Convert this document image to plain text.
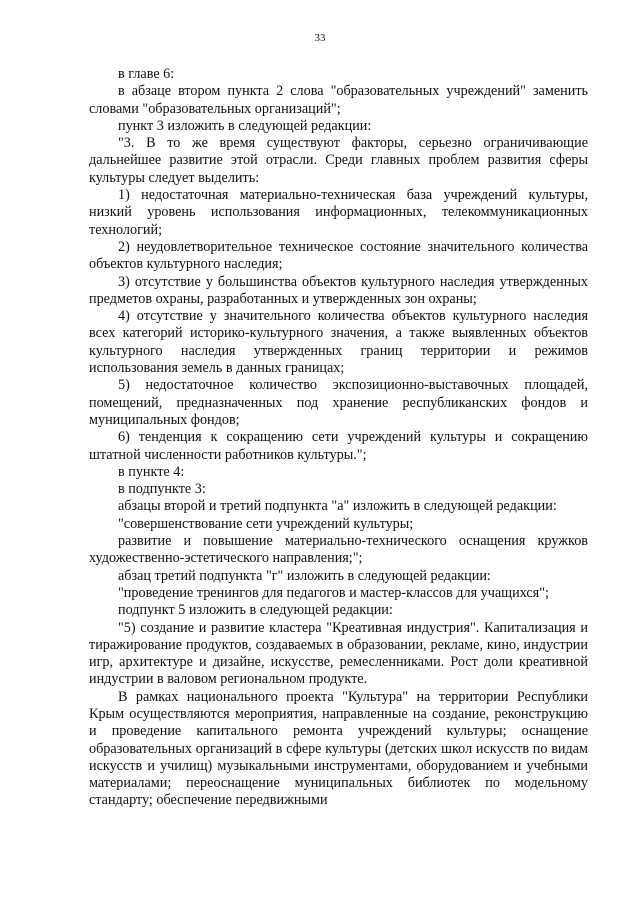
33

в главе 6:

в абзаце втором пункта 2 слова "образовательных учреждений" заменить словами "образовательных организаций";

пункт 3 изложить в следующей редакции:

"3. В то же время существуют факторы, серьезно ограничивающие дальнейшее развитие этой отрасли. Среди главных проблем развития сферы культуры следует выделить:

1) недостаточная материально-техническая база учреждений культуры, низкий уровень использования информационных, телекоммуникационных технологий;

2) неудовлетворительное техническое состояние значительного количества объектов культурного наследия;

3) отсутствие у большинства объектов культурного наследия утвержденных предметов охраны, разработанных и утвержденных зон охраны;

4) отсутствие у значительного количества объектов культурного наследия всех категорий историко-культурного значения, а также выявленных объектов культурного наследия утвержденных границ территории и режимов использования земель в данных границах;

5) недостаточное количество экспозиционно-выставочных площадей, помещений, предназначенных под хранение республиканских фондов и муниципальных фондов;

6) тенденция к сокращению сети учреждений культуры и сокращению штатной численности работников культуры.";

в пункте 4:

в подпункте 3:

абзацы второй и третий подпункта "а" изложить в следующей редакции:

"совершенствование сети учреждений культуры;

развитие и повышение материально-технического оснащения кружков художественно-эстетического направления;";

абзац третий подпункта "г" изложить в следующей редакции:

"проведение тренингов для педагогов и мастер-классов для учащихся";

подпункт 5 изложить в следующей редакции:

"5) создание и развитие кластера "Креативная индустрия". Капитализация и тиражирование продуктов, создаваемых в образовании, рекламе, кино, индустрии игр, архитектуре и дизайне, искусстве, ремесленниками. Рост доли креативной индустрии в валовом региональном продукте.

В рамках национального проекта "Культура" на территории Республики Крым осуществляются мероприятия, направленные на создание, реконструкцию и проведение капитального ремонта учреждений культуры; оснащение образовательных организаций в сфере культуры (детских школ искусств по видам искусств и училищ) музыкальными инструментами, оборудованием и учебными материалами; переоснащение муниципальных библиотек по модельному стандарту; обеспечение передвижными
